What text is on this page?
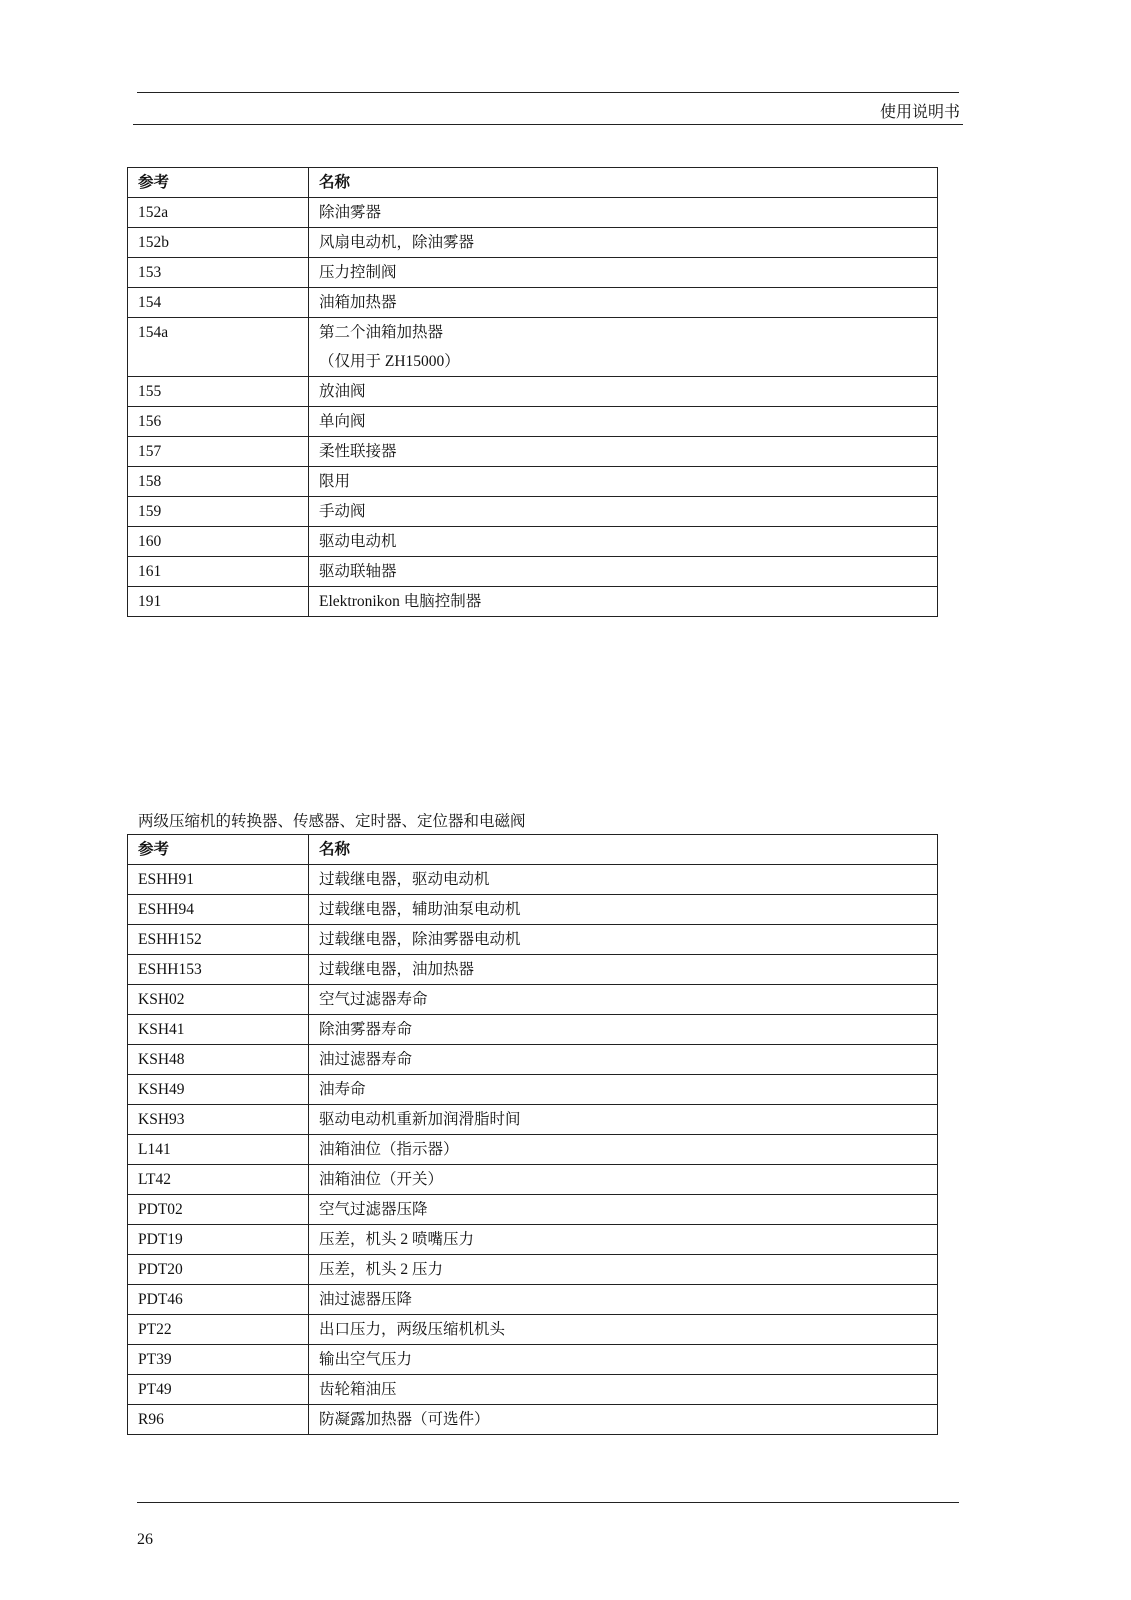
使用说明书
参考	名称
152a	除油雾器
152b	风扇电动机，除油雾器
153	压力控制阀
154	油箱加热器
154a	第二个油箱加热器
（仅用于 ZH15000）
155	放油阀
156	单向阀
157	柔性联接器
158	限用
159	手动阀
160	驱动电动机
161	驱动联轴器
191	Elektronikon 电脑控制器
两级压缩机的转换器、传感器、定时器、定位器和电磁阀
参考	名称
ESHH91	过载继电器，驱动电动机
ESHH94	过载继电器，辅助油泵电动机
ESHH152	过载继电器，除油雾器电动机
ESHH153	过载继电器，油加热器
KSH02	空气过滤器寿命
KSH41	除油雾器寿命
KSH48	油过滤器寿命
KSH49	油寿命
KSH93	驱动电动机重新加润滑脂时间
L141	油箱油位（指示器）
LT42	油箱油位（开关）
PDT02	空气过滤器压降
PDT19	压差，机头 2 喷嘴压力
PDT20	压差，机头 2 压力
PDT46	油过滤器压降
PT22	出口压力，两级压缩机机头
PT39	输出空气压力
PT49	齿轮箱油压
R96	防凝露加热器（可选件）
26
